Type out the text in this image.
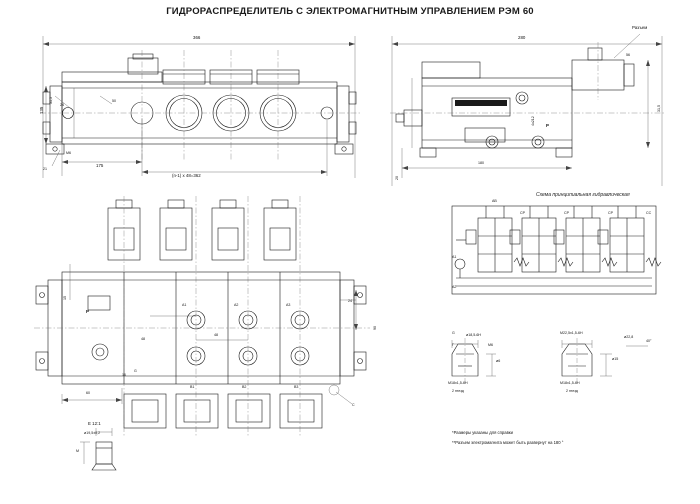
ГИДРОРАСПРЕДЕЛИТЕЛЬ С ЭЛЕКТРОМАГНИТНЫМ УПРАВЛЕНИЕМ РЭМ 60
366
135
175
(n-1) x 48=362
21
24
M6
31,5	50
280
31,5
Разъем
56
180
20
4x212	P
РЭМ 6 - 04
Схема принципиальная гидравлическая
АВ
CP	CP	CP	CC
А1
А2
P
48
48
24
90
15
60
16
А1	А2	А3
В1	В2	В3
C
G
Е 12:1
ø19,5±0,2
M
G	ø18,5-6H
M18x1,5-6H
2 гнезд
ø6
M22,5x1,5-6H
ø22,8
M18x1,5-6H
2 гнезд
ø15
40°
Г	M6
*Размеры указаны для справки
**Разъем электромагнита может быть развернут на 180 °
